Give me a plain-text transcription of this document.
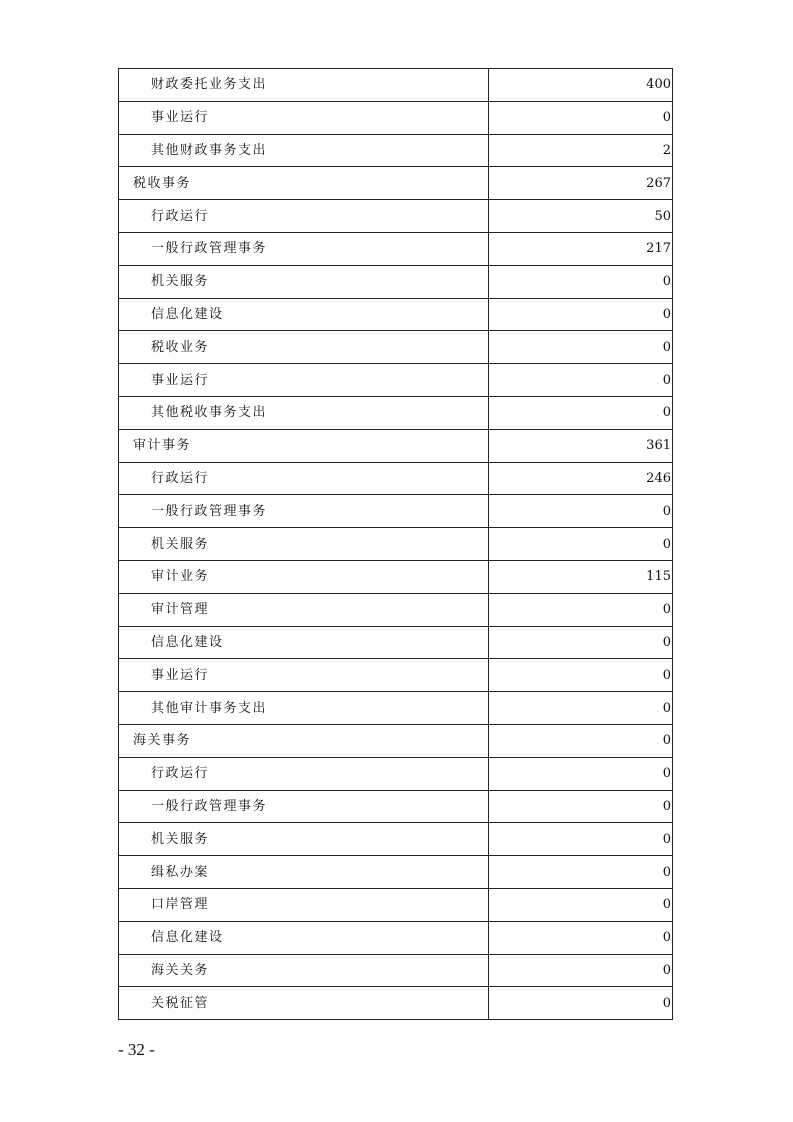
财政委托业务支出	400
事业运行	0
其他财政事务支出	2
税收事务	267
行政运行	50
一般行政管理事务	217
机关服务	0
信息化建设	0
税收业务	0
事业运行	0
其他税收事务支出	0
审计事务	361
行政运行	246
一般行政管理事务	0
机关服务	0
审计业务	115
审计管理	0
信息化建设	0
事业运行	0
其他审计事务支出	0
海关事务	0
行政运行	0
一般行政管理事务	0
机关服务	0
缉私办案	0
口岸管理	0
信息化建设	0
海关关务	0
关税征管	0
- 32 -
